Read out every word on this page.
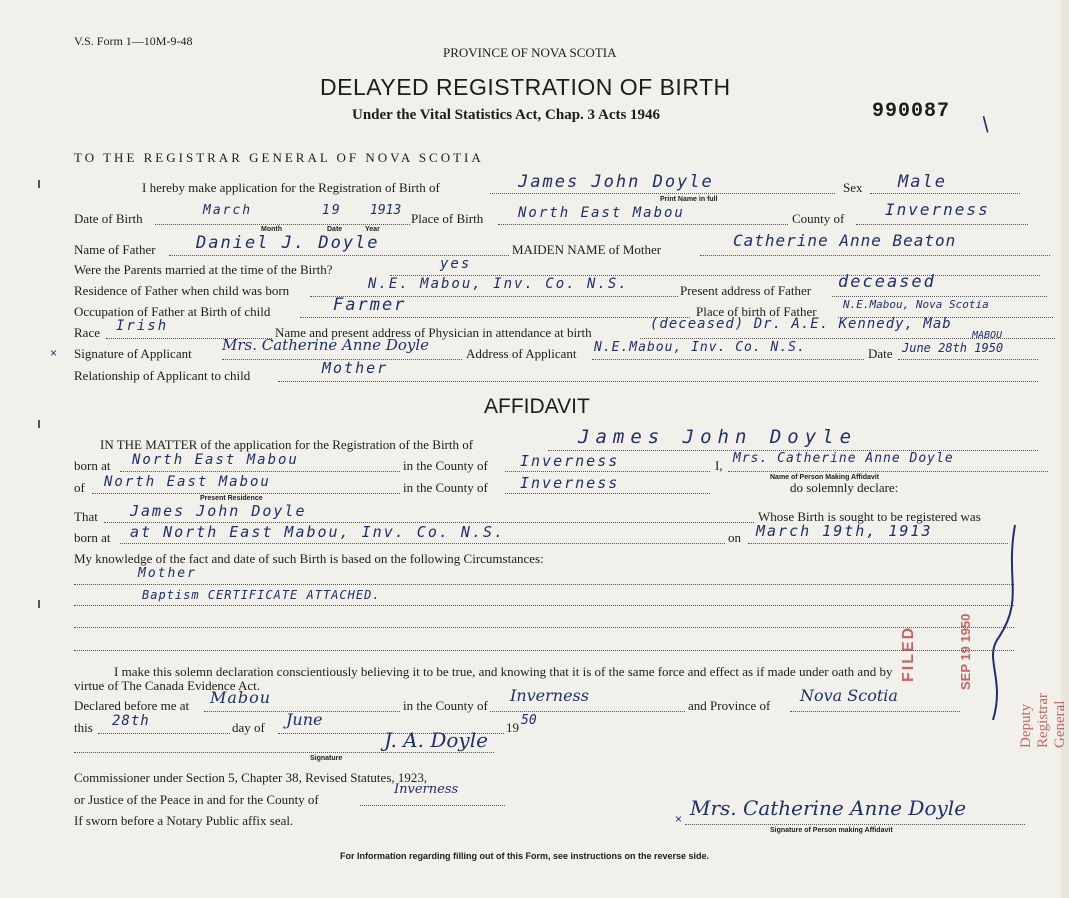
V.S. Form 1—10M-9-48
PROVINCE OF NOVA SCOTIA
DELAYED REGISTRATION OF BIRTH
Under the Vital Statistics Act, Chap. 3 Acts 1946	990087
/
TO THE REGISTRAR GENERAL OF NOVA SCOTIA
I hereby make application for the Registration of Birth of	James John Doyle
Print Name in full
Sex Male
Date of Birth
March	19 1913
Month	Date	Year
Place of Birth North East Mabou	County of	Inverness
Name of Father Daniel J. Doyle	MAIDEN NAME of Mother	Catherine Anne Beaton
Were the Parents married at the time of the Birth?	yes
Residence of Father when child was born	N.E. Mabou, Inv. Co. N.S.	Present address of Father deceased
Occupation of Father at Birth of child	Farmer	Place of birth of Father N.E.Mabou, Nova Scotia
Race Irish	Name and present address of Physician in attendance at birth
(deceased) Dr. A.E. Kennedy, Mab
× Signature of Applicant Mrs. Catherine Anne Doyle	Address of Applicant N.E.Mabou, Inv. Co. N.S.	Date
MABOU
June 28th 1950
Relationship of Applicant to child	Mother
AFFIDAVIT
IN THE MATTER of the application for the Registration of the Birth of	James John Doyle
born at North East Mabou	in the County of Inverness	I, Mrs. Catherine Anne Doyle
Name of Person Making Affidavit
of North East Mabou	in the County of Inverness	do solemnly declare:
Present Residence
That James John Doyle	Whose Birth is sought to be registered was
born at at North East Mabou, Inv. Co. N.S.	on March 19th, 1913
My knowledge of the fact and date of such Birth is based on the following Circumstances:
Mother
Baptism CERTIFICATE ATTACHED.
I make this solemn declaration conscientiously believing it to be true, and knowing that it is of the same force and effect as if made under oath and by
virtue of The Canada Evidence Act.
Declared before me at Mabou	in the County of
Inverness
and Province of
Nova Scotia
this 28th	day of June	19 50
J. A. Doyle
Signature
Commissioner under Section 5, Chapter 38, Revised Statutes, 1923,
or Justice of the Peace in and for the County of
Inverness
If sworn before a Notary Public affix seal.	× Mrs. Catherine Anne Doyle
Signature of Person making Affidavit
For Information regarding filling out of this Form, see instructions on the reverse side.
FILED	SEP 19 1950
Deputy Registrar General
